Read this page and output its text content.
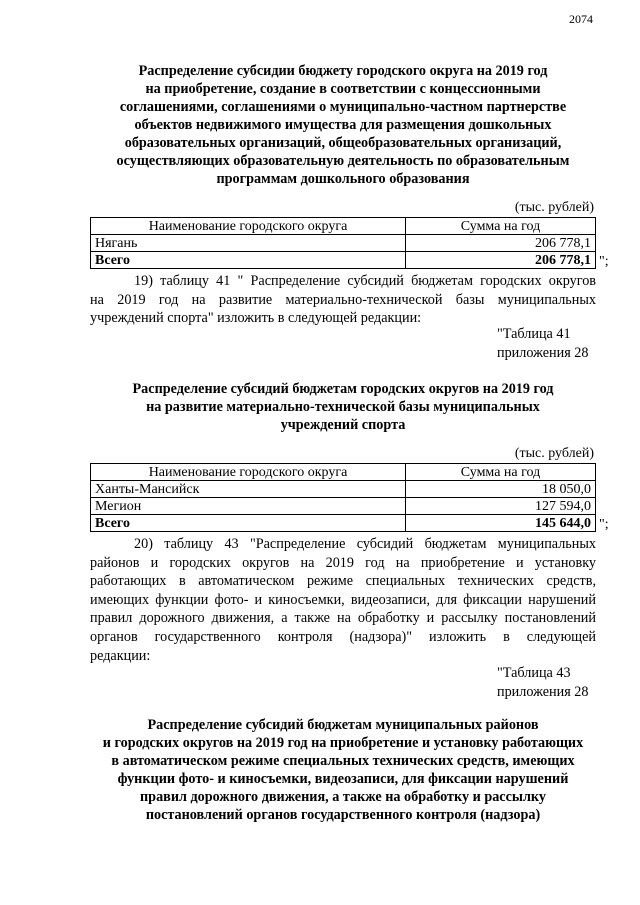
2074
Распределение субсидии бюджету городского округа на 2019 год
на приобретение, создание в соответствии с концессионными
соглашениями, соглашениями о муниципально-частном партнерстве
объектов недвижимого имущества для размещения дошкольных
образовательных организаций, общеобразовательных организаций,
осуществляющих образовательную деятельность по образовательным
программам дошкольного образования
(тыс. рублей)
Наименование городского округа	Сумма на год
Нягань	206 778,1
Всего	206 778,1 ";

19) таблицу 41 " Распределение субсидий бюджетам городских округов
на 2019 год на развитие материально-технической базы муниципальных
учреждений спорта" изложить в следующей редакции:

"Таблица 41
приложения 28
Распределение субсидий бюджетам городских округов на 2019 год
на развитие материально-технической базы муниципальных
учреждений спорта
(тыс. рублей)
Наименование городского округа	Сумма на год
Ханты-Мансийск	18 050,0
Мегион	127 594,0
Всего	145 644,0 ";

20) таблицу 43 "Распределение субсидий бюджетам муниципальных
районов и городских округов на 2019 год на приобретение и установку
работающих в автоматическом режиме специальных технических средств,
имеющих функции фото- и киносъемки, видеозаписи, для фиксации нарушений
правил дорожного движения, а также на обработку и рассылку постановлений
органов государственного контроля (надзора)" изложить в следующей
редакции:

"Таблица 43
приложения 28
Распределение субсидий бюджетам муниципальных районов
и городских округов на 2019 год на приобретение и установку работающих
в автоматическом режиме специальных технических средств, имеющих
функции фото- и киносъемки, видеозаписи, для фиксации нарушений
правил дорожного движения, а также на обработку и рассылку
постановлений органов государственного контроля (надзора)
